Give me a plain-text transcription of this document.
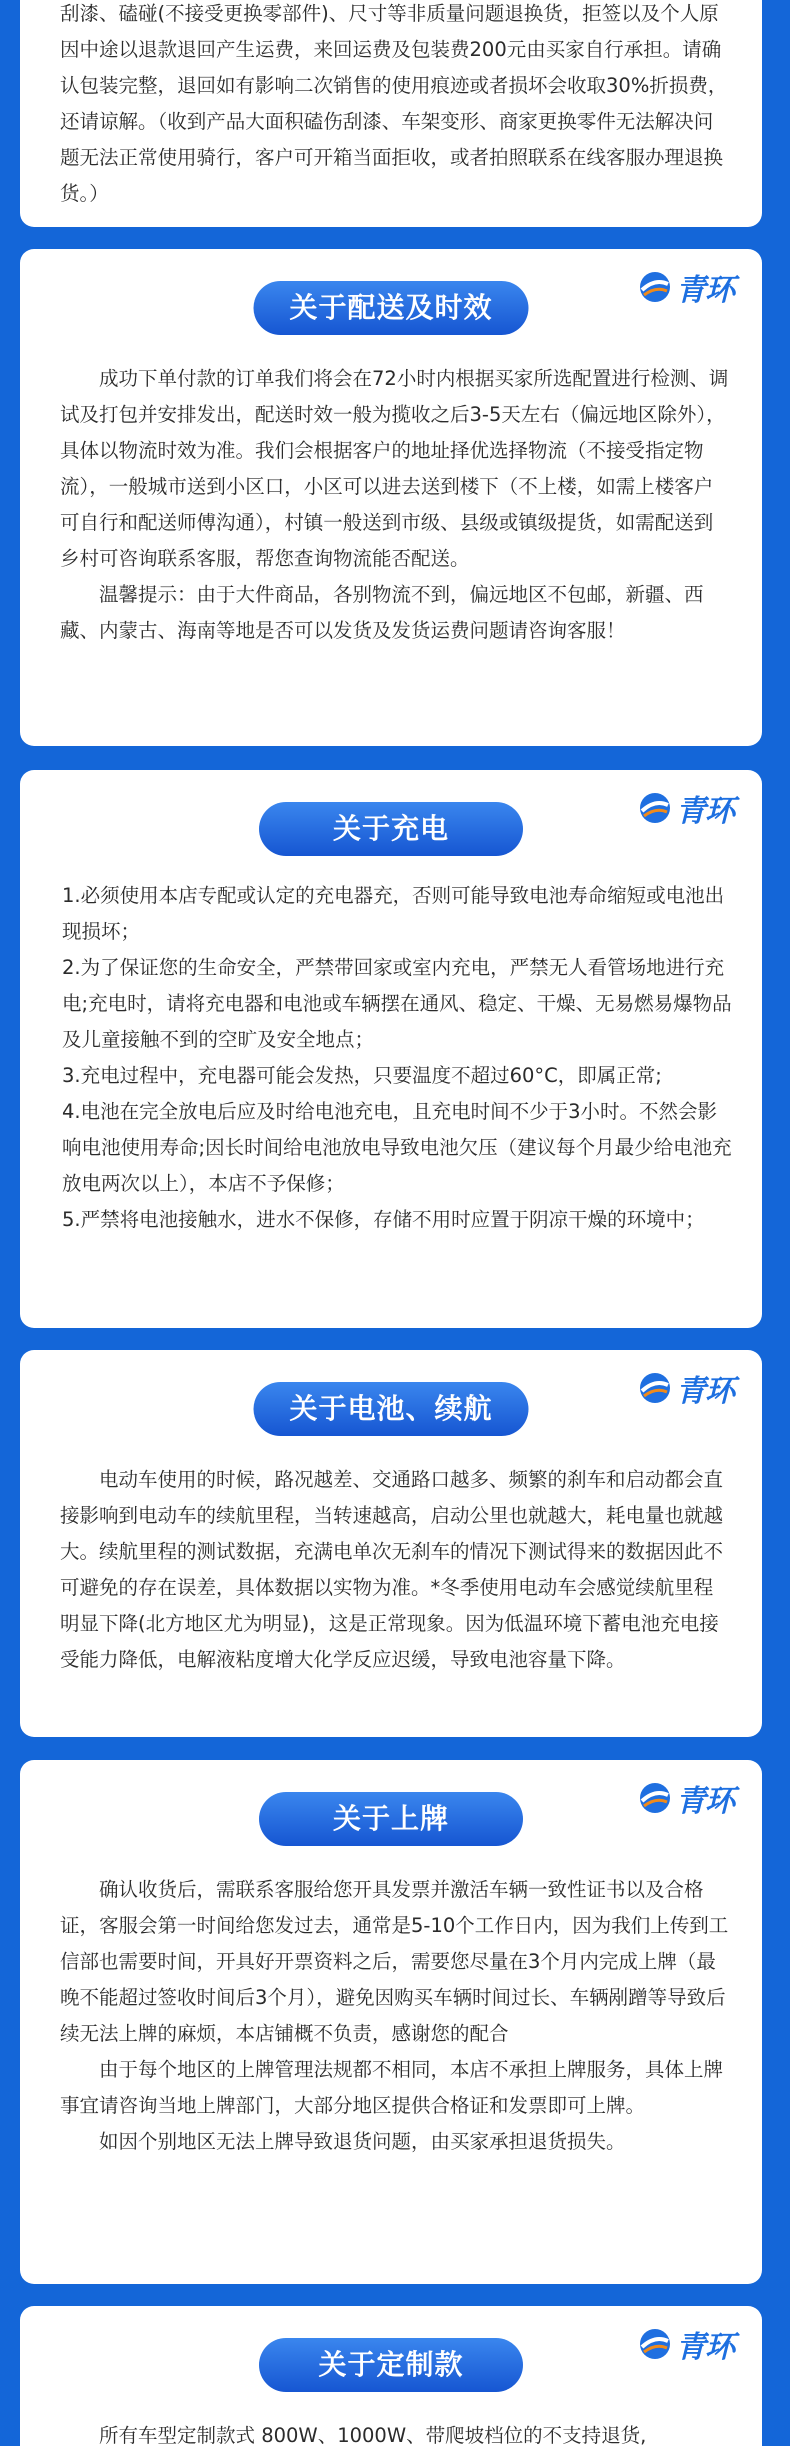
刮漆、磕碰(不接受更换零部件)、尺寸等非质量问题退换货，拒签以及个人原因中途以退款退回产生运费，来回运费及包装费200元由买家自行承担。请确认包装完整，退回如有影响二次销售的使用痕迹或者损坏会收取30%折损费，还请谅解。（收到产品大面积磕伤刮漆、车架变形、商家更换零件无法解决问题无法正常使用骑行，客户可开箱当面拒收，或者拍照联系在线客服办理退换货。）

青环
关于配送及时效

成功下单付款的订单我们将会在72小时内根据买家所选配置进行检测、调试及打包并安排发出，配送时效一般为揽收之后3-5天左右（偏远地区除外），具体以物流时效为准。我们会根据客户的地址择优选择物流（不接受指定物流），一般城市送到小区口，小区可以进去送到楼下（不上楼，如需上楼客户可自行和配送师傅沟通），村镇一般送到市级、县级或镇级提货，如需配送到乡村可咨询联系客服，帮您查询物流能否配送。

温馨提示：由于大件商品，各别物流不到，偏远地区不包邮，新疆、西藏、内蒙古、海南等地是否可以发货及发货运费问题请咨询客服！

青环
关于充电

1.必须使用本店专配或认定的充电器充，否则可能导致电池寿命缩短或电池出现损坏；

2.为了保证您的生命安全，严禁带回家或室内充电，严禁无人看管场地进行充电;充电时，请将充电器和电池或车辆摆在通风、稳定、干燥、无易燃易爆物品及儿童接触不到的空旷及安全地点；

3.充电过程中，充电器可能会发热，只要温度不超过60°C，即属正常;

4.电池在完全放电后应及时给电池充电，且充电时间不少于3小时。不然会影响电池使用寿命;因长时间给电池放电导致电池欠压（建议每个月最少给电池充放电两次以上），本店不予保修；

5.严禁将电池接触水，进水不保修，存储不用时应置于阴凉干燥的环境中；

青环
关于电池、续航

电动车使用的时候，路况越差、交通路口越多、频繁的刹车和启动都会直接影响到电动车的续航里程，当转速越高，启动公里也就越大，耗电量也就越大。续航里程的测试数据，充满电单次无刹车的情况下测试得来的数据因此不可避免的存在误差，具体数据以实物为准。*冬季使用电动车会感觉续航里程明显下降(北方地区尤为明显)，这是正常现象。因为低温环境下蓄电池充电接受能力降低，电解液粘度增大化学反应迟缓，导致电池容量下降。

青环
关于上牌

确认收货后，需联系客服给您开具发票并激活车辆一致性证书以及合格证，客服会第一时间给您发过去，通常是5-10个工作日内，因为我们上传到工信部也需要时间，开具好开票资料之后，需要您尽量在3个月内完成上牌（最晚不能超过签收时间后3个月），避免因购买车辆时间过长、车辆剐蹭等导致后续无法上牌的麻烦，本店铺概不负责，感谢您的配合

由于每个地区的上牌管理法规都不相同，本店不承担上牌服务，具体上牌事宜请咨询当地上牌部门，大部分地区提供合格证和发票即可上牌。

如因个别地区无法上牌导致退货问题，由买家承担退货损失。

青环
关于定制款

所有车型定制款式 800W、1000W、带爬坡档位的不支持退货,
